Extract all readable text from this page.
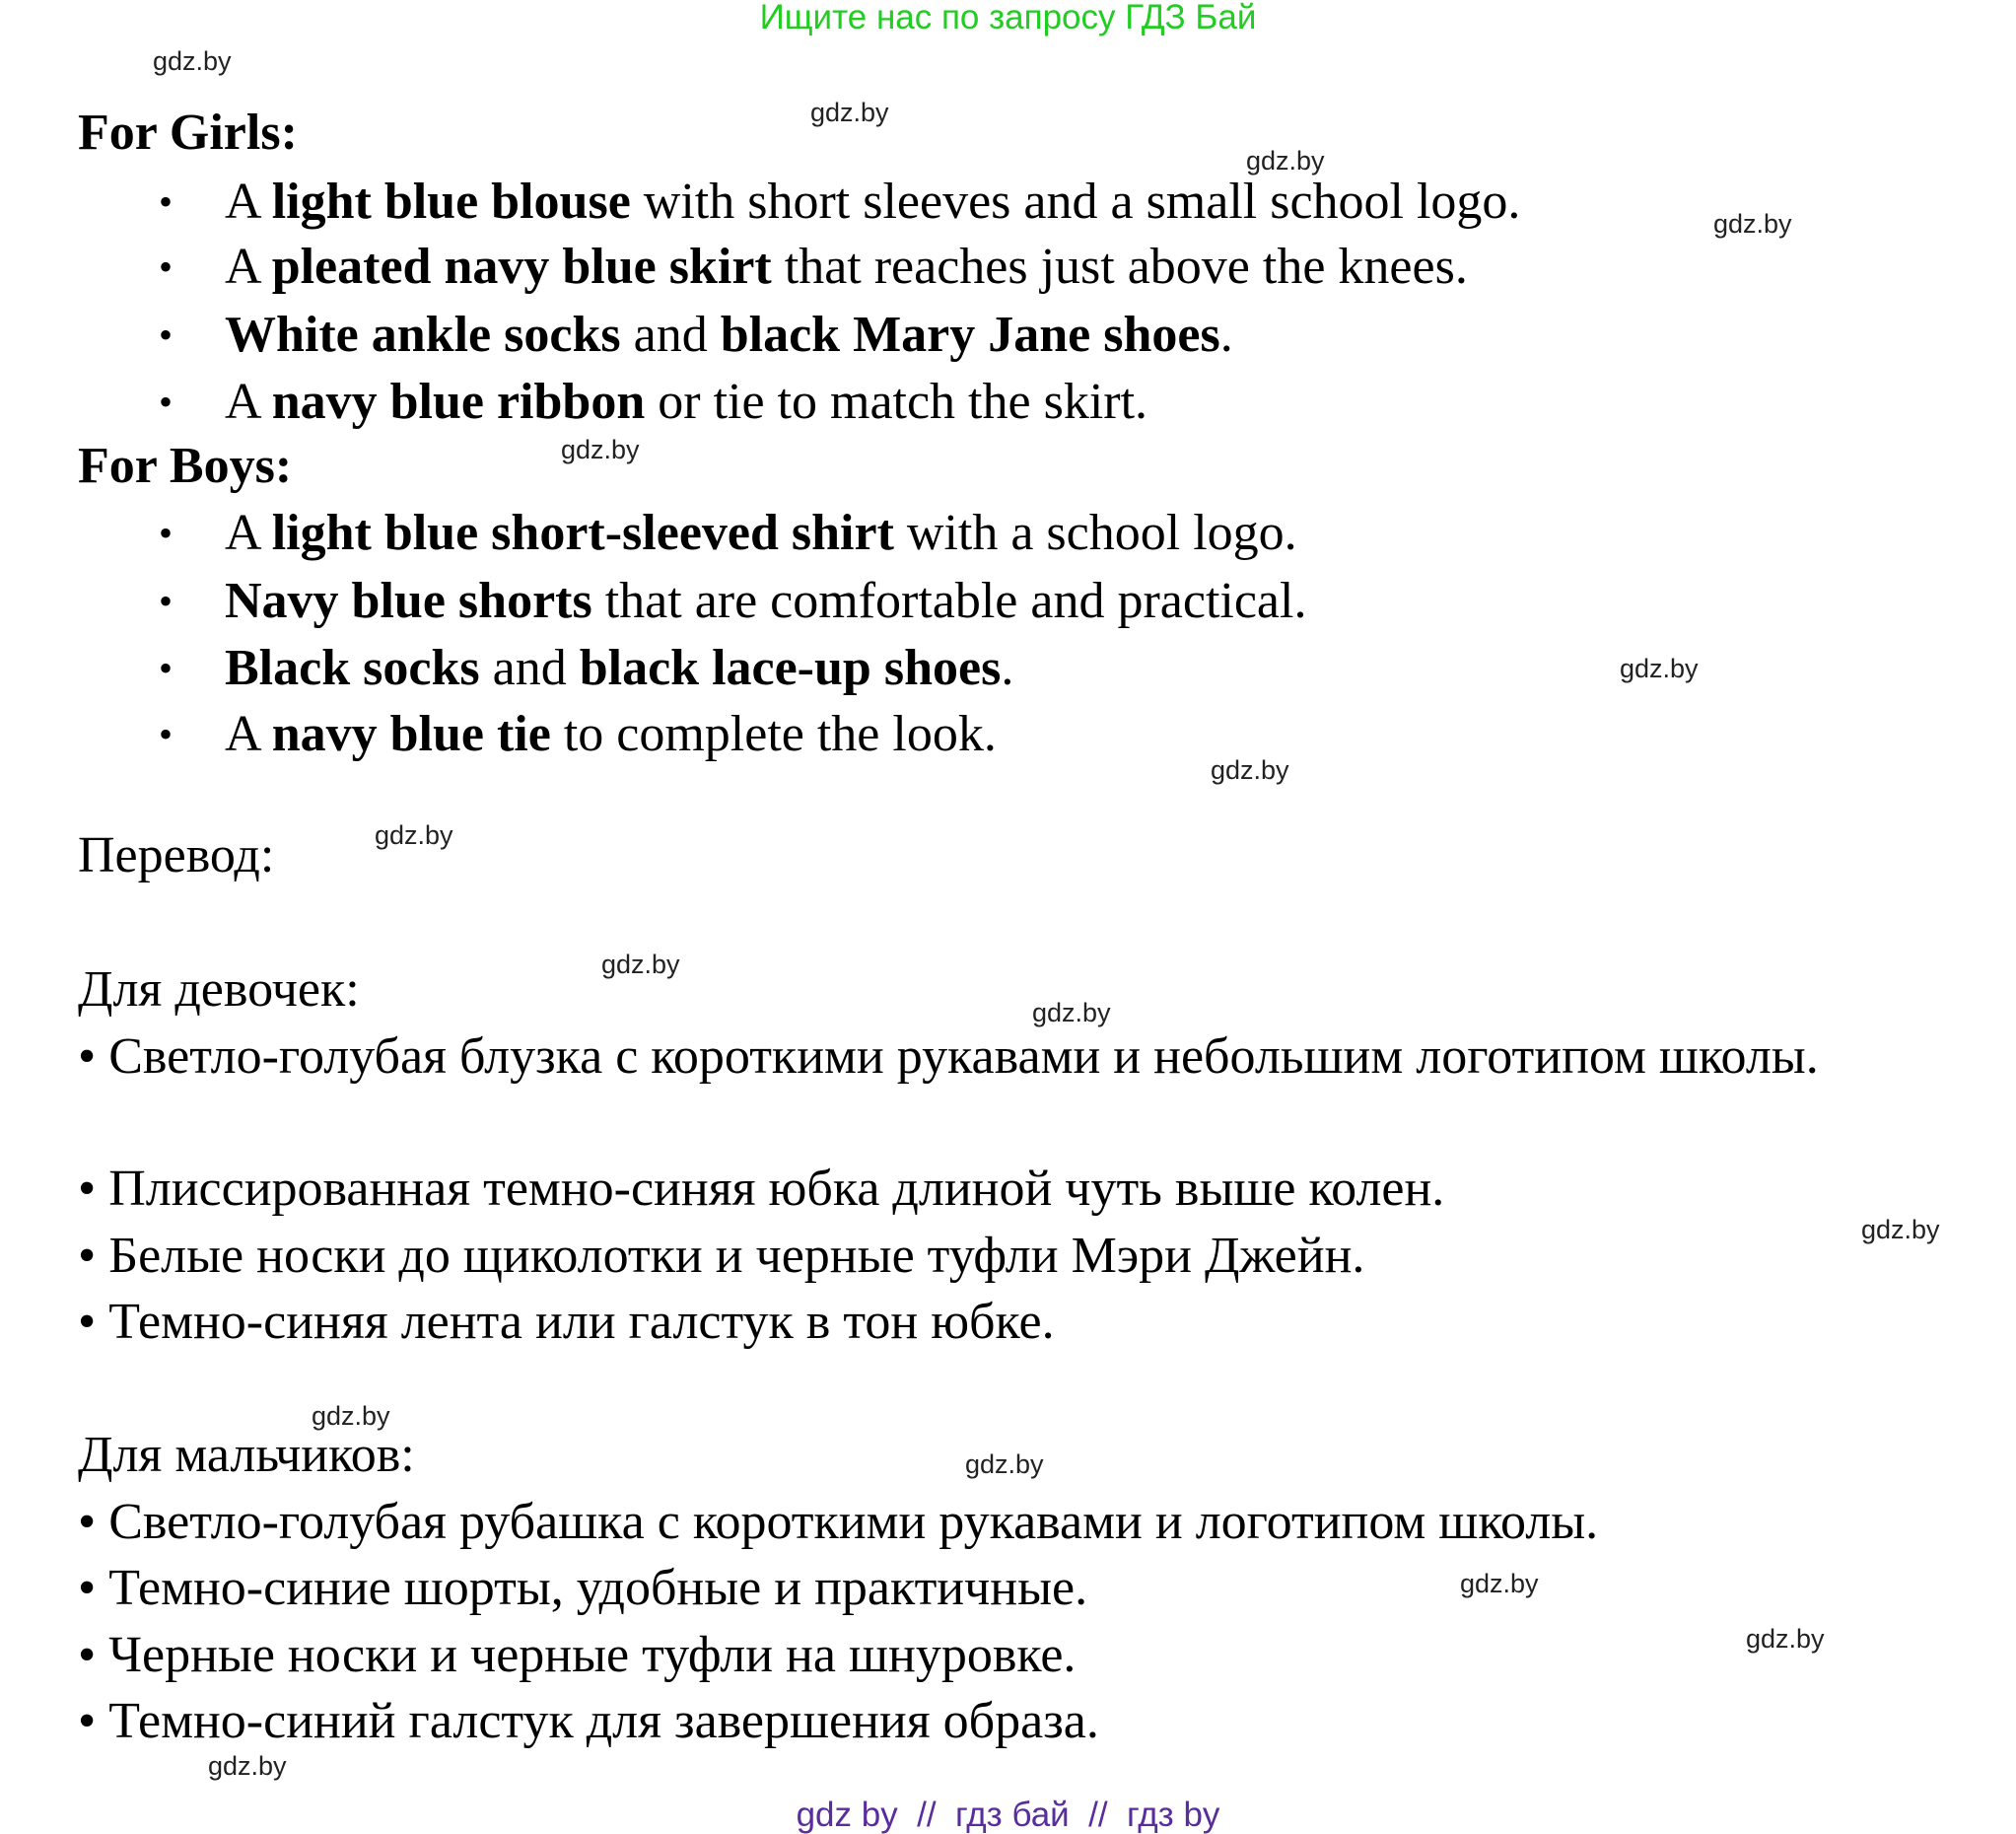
Ищите нас по запросу ГДЗ Бай
For Girls:
• A light blue blouse with short sleeves and a small school logo.
• A pleated navy blue skirt that reaches just above the knees.
• White ankle socks and black Mary Jane shoes.
• A navy blue ribbon or tie to match the skirt.
For Boys:
• A light blue short-sleeved shirt with a school logo.
• Navy blue shorts that are comfortable and practical.
• Black socks and black lace-up shoes.
• A navy blue tie to complete the look.
Перевод:
Для девочек:
• Светло-голубая блузка с короткими рукавами и небольшим логотипом школы.
• Плиссированная темно-синяя юбка длиной чуть выше колен.
• Белые носки до щиколотки и черные туфли Мэри Джейн.
• Темно-синяя лента или галстук в тон юбке.
Для мальчиков:
• Светло-голубая рубашка с короткими рукавами и логотипом школы.
• Темно-синие шорты, удобные и практичные.
• Черные носки и черные туфли на шнуровке.
• Темно-синий галстук для завершения образа.
gdz.by
gdz.by
gdz.by
gdz.by
gdz.by
gdz.by
gdz.by
gdz.by
gdz.by
gdz.by
gdz.by
gdz.by
gdz.by
gdz.by
gdz.by
gdz.by
gdz by  //  гдз бай  //  гдз by
